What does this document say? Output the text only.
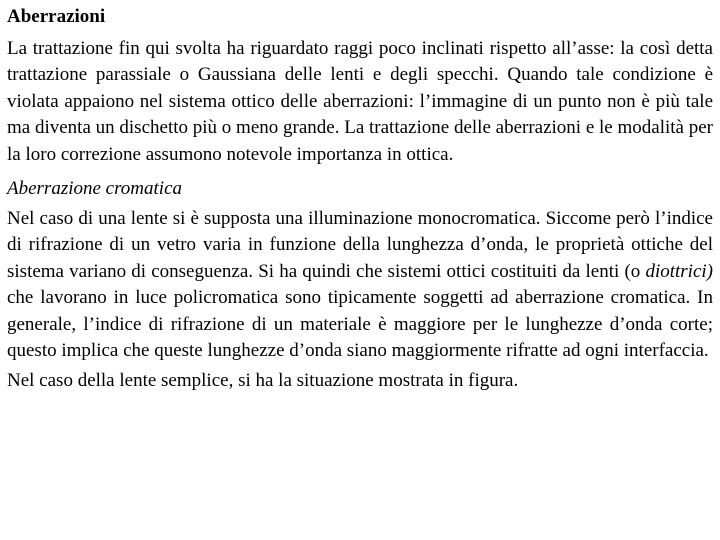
Aberrazioni

La trattazione fin qui svolta ha riguardato raggi poco inclinati rispetto all’asse: la così detta trattazione parassiale o Gaussiana delle lenti e degli specchi. Quando tale condizione è violata appaiono nel sistema ottico delle aberrazioni: l’immagine di un punto non è più tale ma diventa un dischetto più o meno grande. La trattazione delle aberrazioni e le modalità per la loro correzione assumono notevole importanza in ottica.

Aberrazione cromatica

Nel caso di una lente si è supposta una illuminazione monocromatica. Siccome però l’indice di rifrazione di un vetro varia in funzione della lunghezza d’onda, le proprietà ottiche del sistema variano di conseguenza. Si ha quindi che sistemi ottici costituiti da lenti (o diottrici) che lavorano in luce policromatica sono tipicamente soggetti ad aberrazione cromatica. In generale, l’indice di rifrazione di un materiale è maggiore per le lunghezze d’onda corte; questo implica che queste lunghezze d’onda siano maggiormente rifratte ad ogni interfaccia.

Nel caso della lente semplice, si ha la situazione mostrata in figura.
